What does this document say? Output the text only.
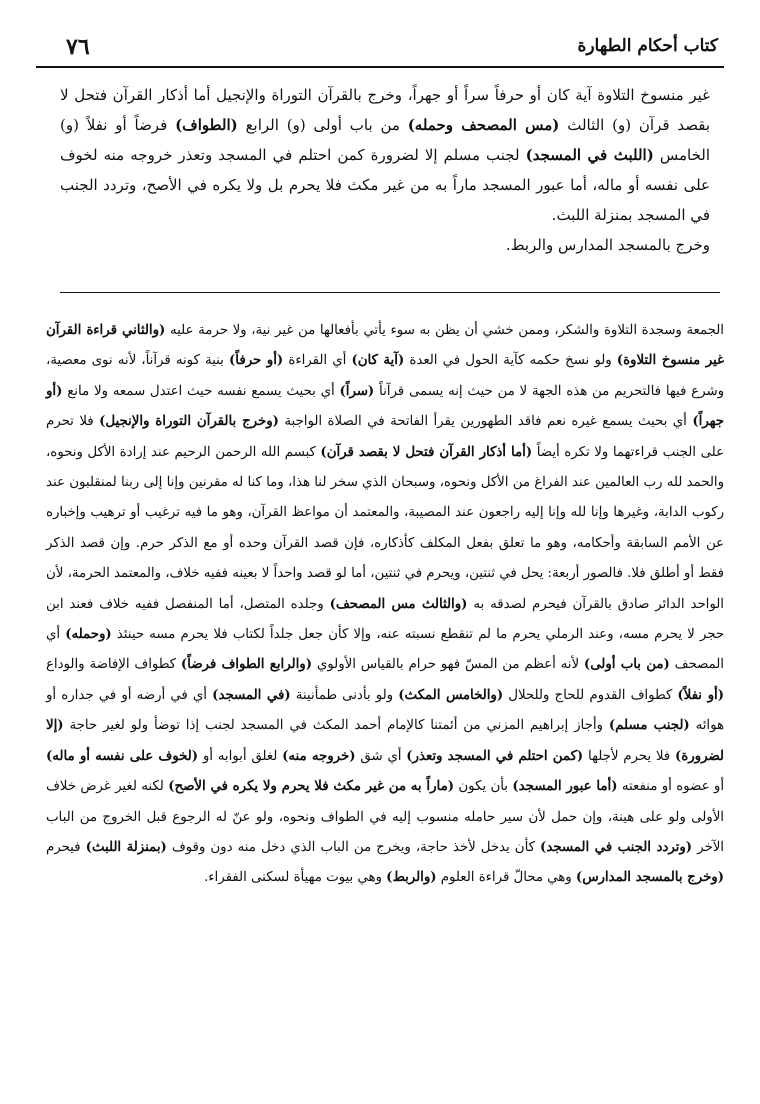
٧٦	كتاب أحكام الطهارة

غير منسوخ التلاوة آية كان أو حرفاً سراً أو جهراً، وخرج بالقرآن التوراة والإنجيل أما أذكار القرآن فتحل لا بقصد قرآن (و) الثالث (مس المصحف وحمله) من باب أولى (و) الرابع (الطواف) فرضاً أو نفلاً (و) الخامس (اللبث في المسجد) لجنب مسلم إلا لضرورة كمن احتلم في المسجد وتعذر خروجه منه لخوف على نفسه أو ماله، أما عبور المسجد ماراً به من غير مكث فلا يحرم بل ولا يكره في الأصح، وتردد الجنب في المسجد بمنزلة اللبث.

وخرج بالمسجد المدارس والربط.

الجمعة وسجدة التلاوة والشكر، وممن خشي أن يظن به سوء يأتي بأفعالها من غير نية، ولا حرمة عليه (والثاني قراءة القرآن غير منسوخ التلاوة) ولو نسخ حكمه كآية الحول في العدة (آية كان) أي القراءة (أو حرفاً) بنية كونه قرآناً، لأنه نوى معصية، وشرع فيها فالتحريم من هذه الجهة لا من حيث إنه يسمى قرآناً (سراً) أي بحيث يسمع نفسه حيث اعتدل سمعه ولا مانع (أو جهراً) أي بحيث يسمع غيره نعم فاقد الطهورين يقرأ الفاتحة في الصلاة الواجبة (وخرج بالقرآن التوراة والإنجيل) فلا تحرم على الجنب قراءتهما ولا تكره أيضاً (أما أذكار القرآن فتحل لا بقصد قرآن) كبسم الله الرحمن الرحيم عند إرادة الأكل ونحوه، والحمد لله رب العالمين عند الفراغ من الأكل ونحوه، وسبحان الذي سخر لنا هذا، وما كنا له مقرنين وإنا إلى ربنا لمنقلبون عند ركوب الدابة، وغيرها وإنا لله وإنا إليه راجعون عند المصيبة، والمعتمد أن مواعظ القرآن، وهو ما فيه ترغيب أو ترهيب وإخباره عن الأمم السابقة وأحكامه، وهو ما تعلق بفعل المكلف كأذكاره، فإن قصد القرآن وحده أو مع الذكر حرم. وإن قصد الذكر فقط أو أطلق فلا. فالصور أربعة: يحل في ثنتين، ويحرم في ثنتين، أما لو قصد واحداً لا بعينه ففيه خلاف، والمعتمد الحرمة، لأن الواحد الدائر صادق بالقرآن فيحرم لصدقه به (والثالث مس المصحف) وجلده المتصل، أما المنفصل ففيه خلاف فعند ابن حجر لا يحرم مسه، وعند الرملي يحرم ما لم تنقطع نسبته عنه، وإلا كأن جعل جلداً لكتاب فلا يحرم مسه حينئذ (وحمله) أي المصحف (من باب أولى) لأنه أعظم من المسّ فهو حرام بالقياس الأولوي (والرابع الطواف فرضاً) كطواف الإفاضة والوداع (أو نفلاً) كطواف القدوم للحاج وللحلال (والخامس المكث) ولو بأدنى طمأنينة (في المسجد) أي في أرضه أو في جداره أو هوائه (لجنب مسلم) وأجاز إبراهيم المزني من أئمتنا كالإمام أحمد المكث في المسجد لجنب إذا توضأ ولو لغير حاجة (إلا لضرورة) فلا يحرم لأجلها (كمن احتلم في المسجد وتعذر) أي شق (خروجه منه) لغلق أبوابه أو (لخوف على نفسه أو ماله) أو عضوه أو منفعته (أما عبور المسجد) بأن يكون (ماراً به من غير مكث فلا يحرم ولا يكره في الأصح) لكنه لغير غرض خلاف الأولى ولو على هينة، وإن حمل لأن سير حامله منسوب إليه في الطواف ونحوه، ولو عنّ له الرجوع قبل الخروج من الباب الآخر (وتردد الجنب في المسجد) كأن يدخل لأخذ حاجة، ويخرج من الباب الذي دخل منه دون وقوف (بمنزلة اللبث) فيحرم (وخرج بالمسجد المدارس) وهي محالّ قراءة العلوم (والربط) وهي بيوت مهيأة لسكنى الفقراء.
